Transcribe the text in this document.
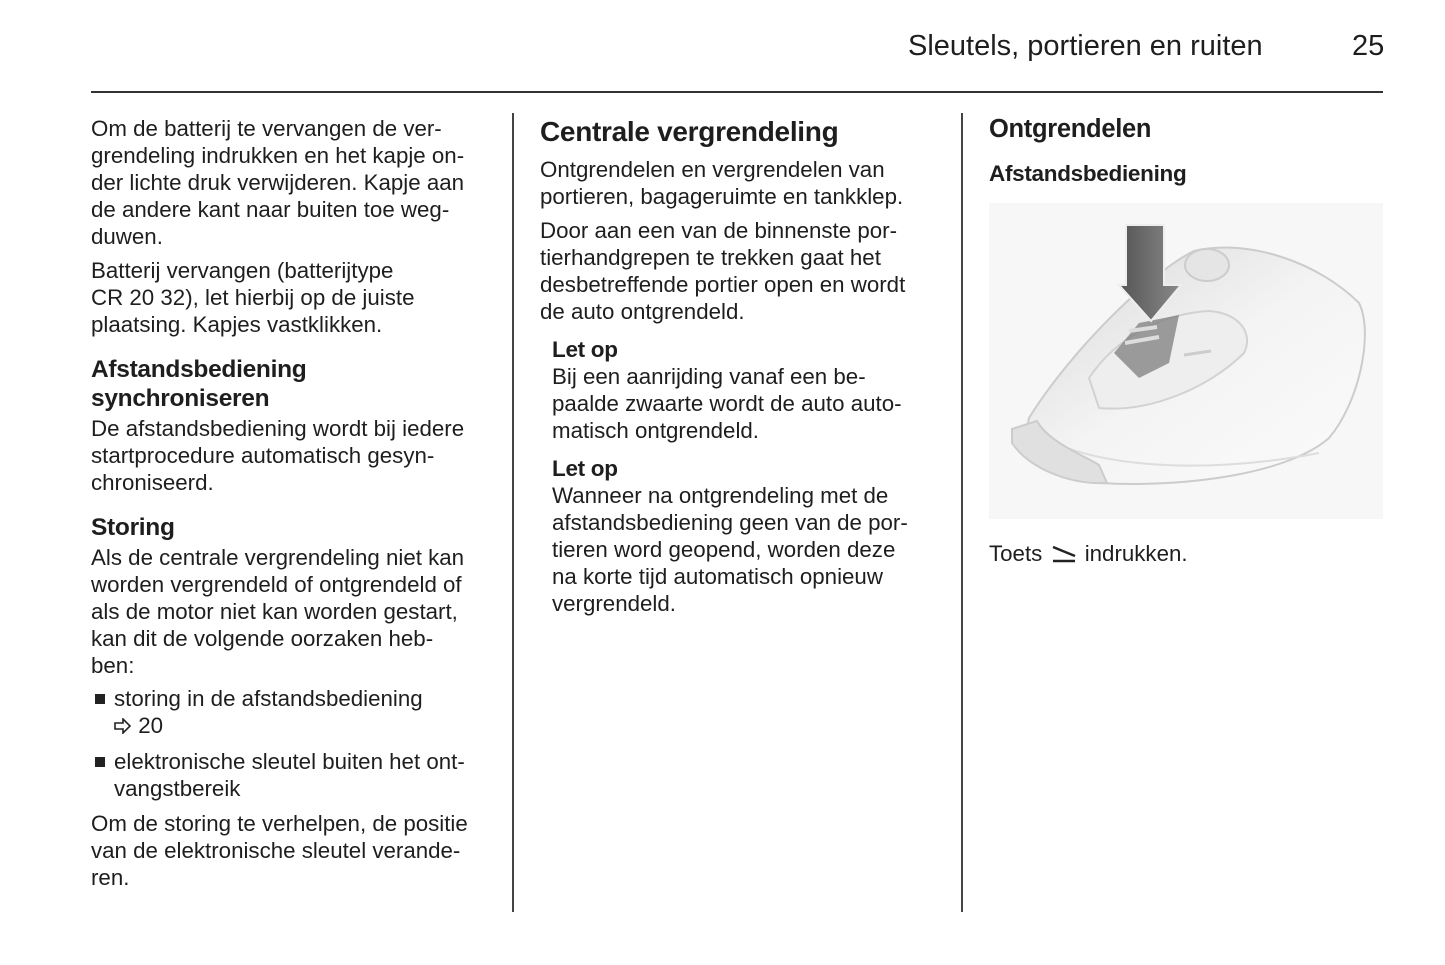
Sleutels, portieren en ruiten	25
Om de batterij te vervangen de ver-
grendeling indrukken en het kapje on-
der lichte druk verwijderen. Kapje aan
de andere kant naar buiten toe weg-
duwen.
Batterij vervangen (batterijtype
CR 20 32), let hierbij op de juiste
plaatsing. Kapjes vastklikken.
Afstandsbediening
synchroniseren
De afstandsbediening wordt bij iedere
startprocedure automatisch gesyn-
chroniseerd.
Storing
Als de centrale vergrendeling niet kan
worden vergrendeld of ontgrendeld of
als de motor niet kan worden gestart,
kan dit de volgende oorzaken heb-
ben:
storing in de afstandsbediening
20
elektronische sleutel buiten het ont-
vangstbereik
Om de storing te verhelpen, de positie
van de elektronische sleutel verande-
ren.
Centrale vergrendeling
Ontgrendelen en vergrendelen van
portieren, bagageruimte en tankklep.
Door aan een van de binnenste por-
tierhandgrepen te trekken gaat het
desbetreffende portier open en wordt
de auto ontgrendeld.
Let op
Bij een aanrijding vanaf een be-
paalde zwaarte wordt de auto auto-
matisch ontgrendeld.
Let op
Wanneer na ontgrendeling met de
afstandsbediening geen van de por-
tieren word geopend, worden deze
na korte tijd automatisch opnieuw
vergrendeld.
Ontgrendelen
Afstandsbediening
Toets indrukken.
